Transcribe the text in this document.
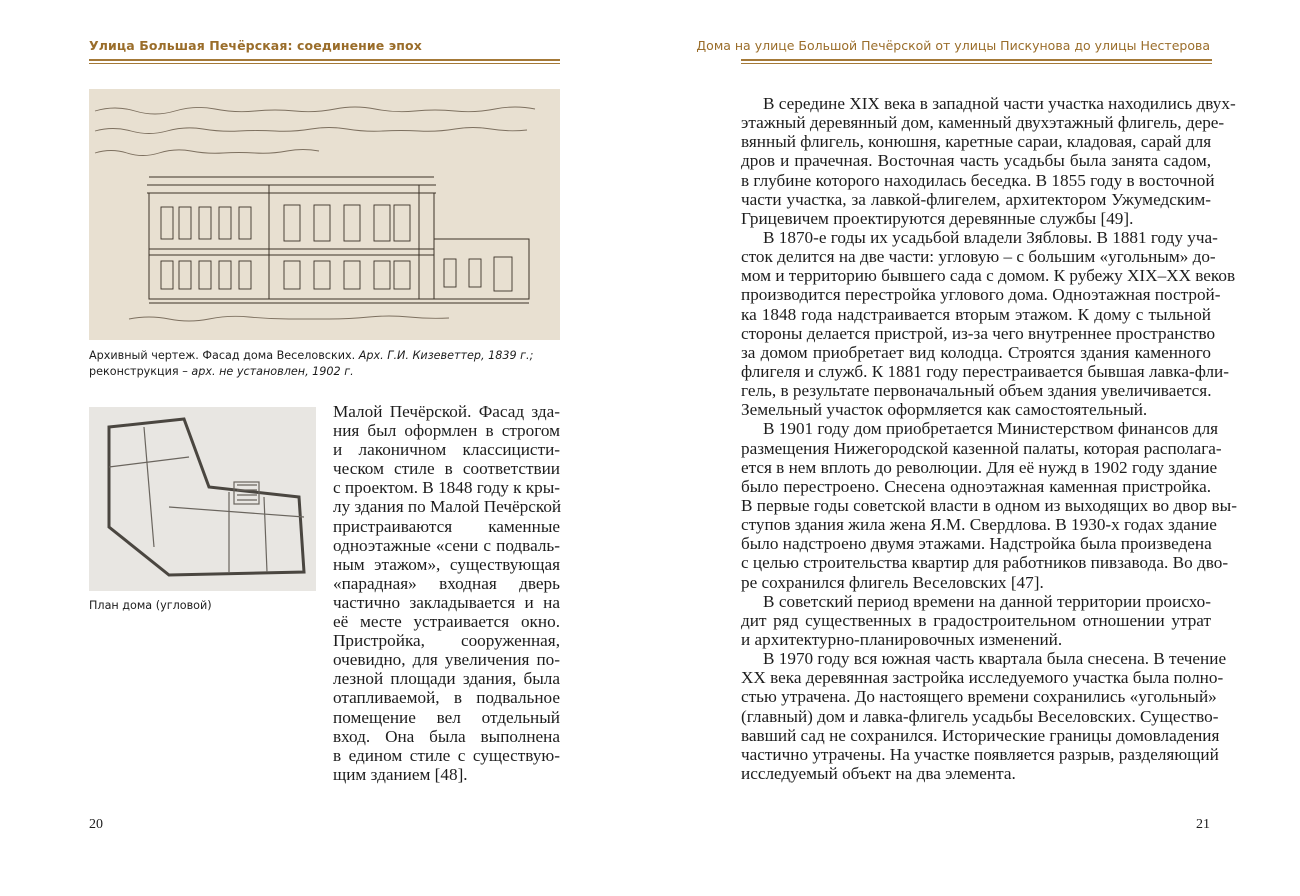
Улица Большая Печёрская: соединение эпох
Архивный чертеж. Фасад дома Веселовских. Арх. Г.И. Кизеветтер, 1839 г.;
реконструкция – арх. не установлен, 1902 г.
План дома (угловой)
Малой Печёрской. Фасад зда-
ния был оформлен в строгом
и лаконичном классицисти-
ческом стиле в соответствии
с проектом. В 1848 году к кры-
лу здания по Малой Печёрской
пристраиваются каменные
одноэтажные «сени с подваль-
ным этажом», существующая
«парадная» входная дверь
частично закладывается и на
её месте устраивается окно.
Пристройка, сооруженная,
очевидно, для увеличения по-
лезной площади здания, была
отапливаемой, в подвальное
помещение вел отдельный
вход. Она была выполнена
в едином стиле с существую-
щим зданием [48].
20
Дома на улице Большой Печёрской от улицы Пискунова до улицы Нестерова
В середине XIX века в западной части участка находились двух-
этажный деревянный дом, каменный двухэтажный флигель, дере-
вянный флигель, конюшня, каретные сараи, кладовая, сарай для
дров и прачечная. Восточная часть усадьбы была занята садом,
в глубине которого находилась беседка. В 1855 году в восточной
части участка, за лавкой-флигелем, архитектором Ужумедским-
Грицевичем проектируются деревянные службы [49].
В 1870-е годы их усадьбой владели Зябловы. В 1881 году уча-
сток делится на две части: угловую – с большим «угольным» до-
мом и территорию бывшего сада с домом. К рубежу XIX–XX веков
производится перестройка углового дома. Одноэтажная построй-
ка 1848 года надстраивается вторым этажом. К дому с тыльной
стороны делается пристрой, из-за чего внутреннее пространство
за домом приобретает вид колодца. Строятся здания каменного
флигеля и служб. К 1881 году перестраивается бывшая лавка-фли-
гель, в результате первоначальный объем здания увеличивается.
Земельный участок оформляется как самостоятельный.
В 1901 году дом приобретается Министерством финансов для
размещения Нижегородской казенной палаты, которая располага-
ется в нем вплоть до революции. Для её нужд в 1902 году здание
было перестроено. Снесена одноэтажная каменная пристройка.
В первые годы советской власти в одном из выходящих во двор вы-
ступов здания жила жена Я.М. Свердлова. В 1930-х годах здание
было надстроено двумя этажами. Надстройка была произведена
с целью строительства квартир для работников пивзавода. Во дво-
ре сохранился флигель Веселовских [47].
В советский период времени на данной территории происхо-
дит ряд существенных в градостроительном отношении утрат
и архитектурно-планировочных изменений.
В 1970 году вся южная часть квартала была снесена. В течение
XX века деревянная застройка исследуемого участка была полно-
стью утрачена. До настоящего времени сохранились «угольный»
(главный) дом и лавка-флигель усадьбы Веселовских. Существо-
вавший сад не сохранился. Исторические границы домовладения
частично утрачены. На участке появляется разрыв, разделяющий
исследуемый объект на два элемента.
21
